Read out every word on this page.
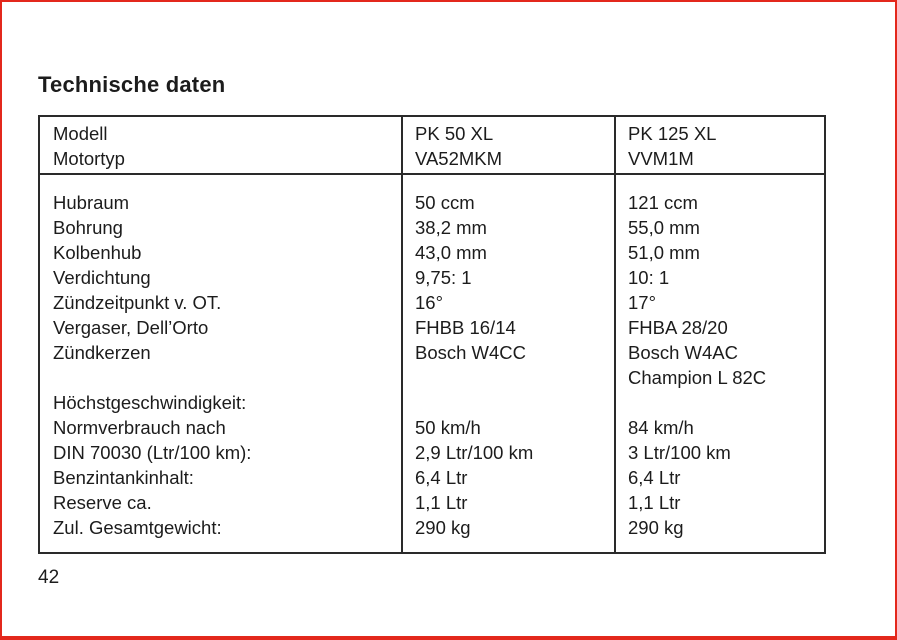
Technische daten
Modell
Motortyp
PK 50 XL
VA52MKM
PK 125 XL
VVM1M
Hubraum
Bohrung
Kolbenhub
Verdichtung
Zündzeitpunkt v. OT.
Vergaser, Dell’Orto
Zündkerzen
Höchstgeschwindigkeit:
Normverbrauch nach
DIN 70030 (Ltr/100 km):
Benzintankinhalt:
Reserve ca.
Zul. Gesamtgewicht:
50 ccm
38,2 mm
43,0 mm
9,75: 1
16°
FHBB 16/14
Bosch W4CC
50 km/h
2,9 Ltr/100 km
6,4 Ltr
1,1 Ltr
290 kg
121 ccm
55,0 mm
51,0 mm
10: 1
17°
FHBA 28/20
Bosch W4AC
Champion L 82C
84 km/h
3 Ltr/100 km
6,4 Ltr
1,1 Ltr
290 kg
42
